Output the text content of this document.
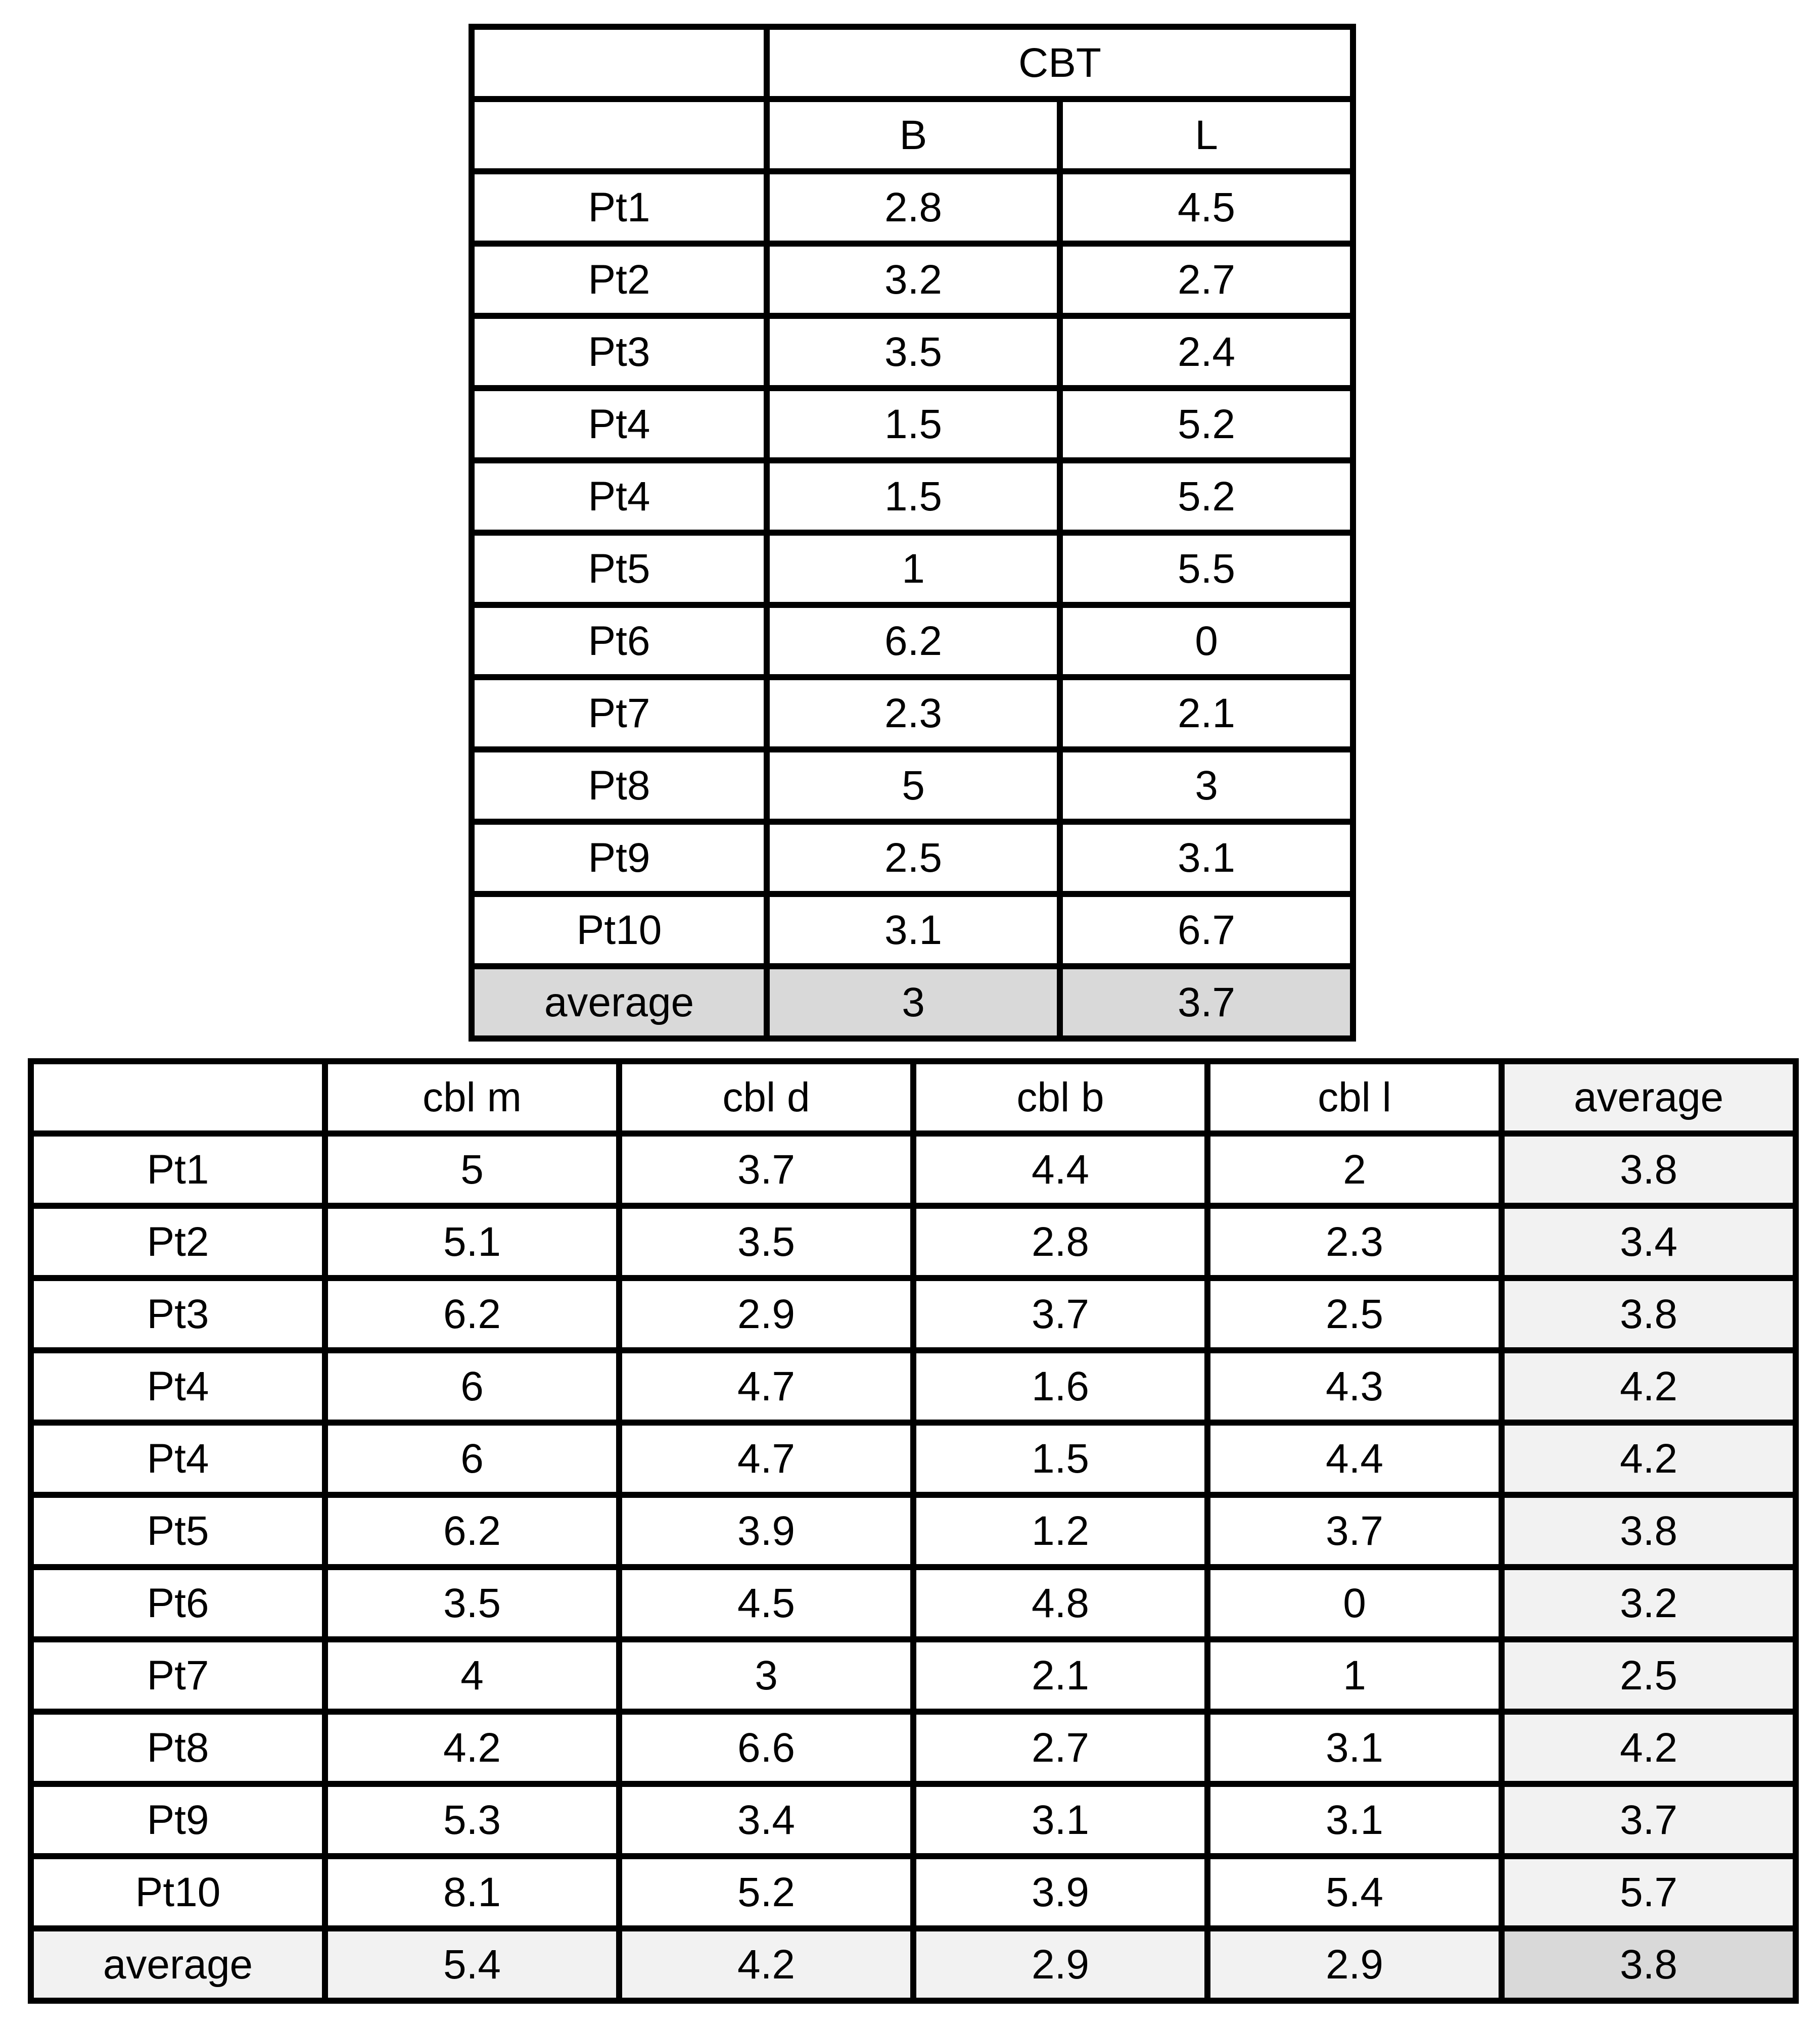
	CBT	
	B	L
Pt1	2.8	4.5
Pt2	3.2	2.7
Pt3	3.5	2.4
Pt4	1.5	5.2
Pt4	1.5	5.2
Pt5	1	5.5
Pt6	6.2	0
Pt7	2.3	2.1
Pt8	5	3
Pt9	2.5	3.1
Pt10	3.1	6.7
average	3	3.7
	cbl m	cbl d	cbl b	cbl l	average
Pt1	5	3.7	4.4	2	3.8
Pt2	5.1	3.5	2.8	2.3	3.4
Pt3	6.2	2.9	3.7	2.5	3.8
Pt4	6	4.7	1.6	4.3	4.2
Pt4	6	4.7	1.5	4.4	4.2
Pt5	6.2	3.9	1.2	3.7	3.8
Pt6	3.5	4.5	4.8	0	3.2
Pt7	4	3	2.1	1	2.5
Pt8	4.2	6.6	2.7	3.1	4.2
Pt9	5.3	3.4	3.1	3.1	3.7
Pt10	8.1	5.2	3.9	5.4	5.7
average	5.4	4.2	2.9	2.9	3.8
